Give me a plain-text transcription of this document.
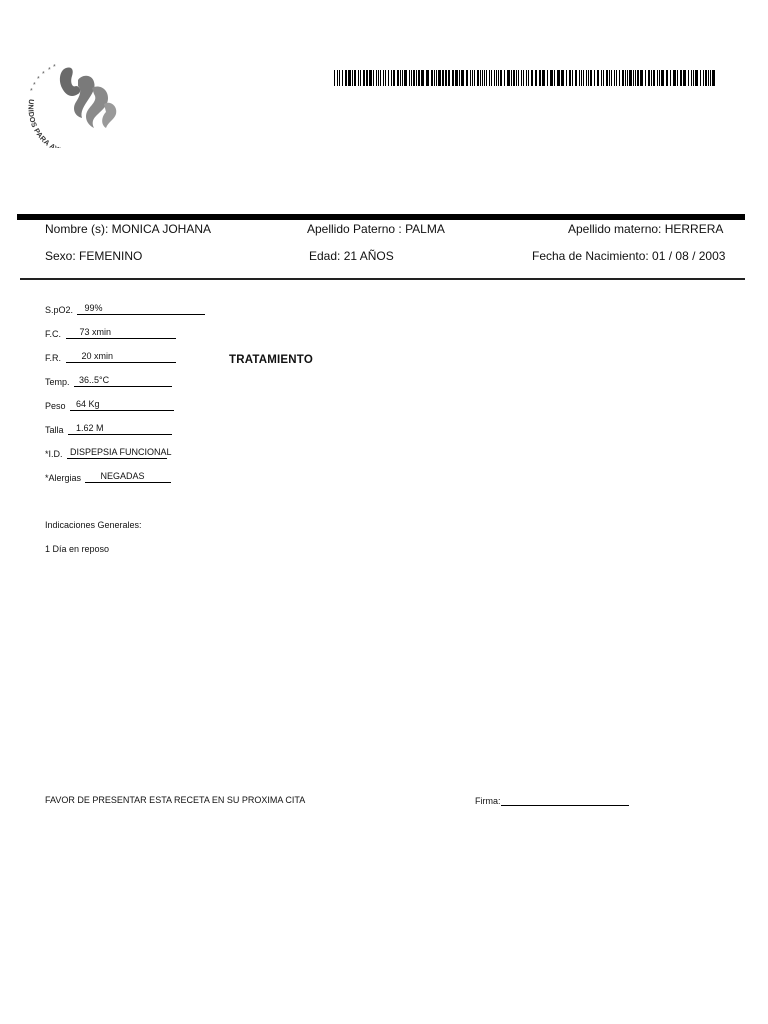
*
*
*
*
*
*
UNIDOS PARA A
Nombre (s): MONICA JOHANA	Apellido Paterno : PALMA	Apellido materno: HERRERA
Sexo: FEMENINO	Edad: 21 AÑOS	Fecha de Nacimiento: 01 / 08 / 2003
S.pO2. 99%
F.C. 73 xmin
F.R. 20 xmin
Temp. 36..5°C
Peso 64 Kg
Talla 1.62 M
*I.D. DISPEPSIA FUNCIONAL
*Alergias NEGADAS
TRATAMIENTO
Indicaciones Generales:
1 Día en reposo
FAVOR DE PRESENTAR ESTA RECETA EN SU PROXIMA CITA	Firma:
